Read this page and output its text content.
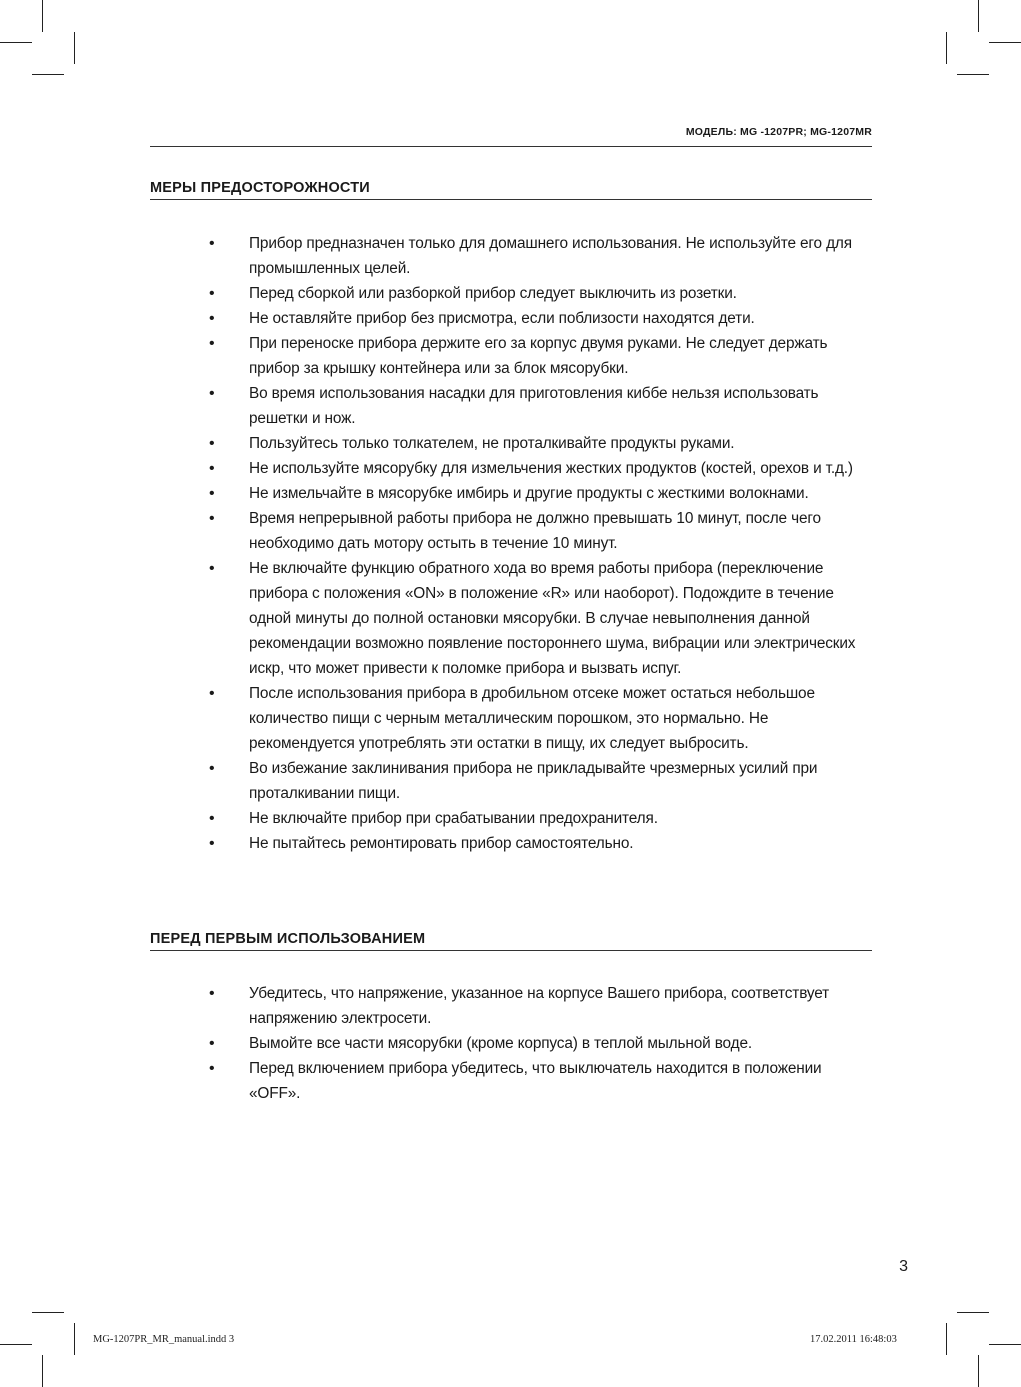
МОДЕЛЬ: MG -1207PR; MG-1207MR
МЕРЫ ПРЕДОСТОРОЖНОСТИ
• Прибор предназначен только для домашнего использования. Не используйте его для промышленных целей.
• Перед сборкой или разборкой прибор следует выключить из розетки.
• Не оставляйте прибор без присмотра, если поблизости находятся дети.
• При переноске прибора держите его за корпус двумя руками. Не следует держать прибор за крышку контейнера или за блок мясорубки.
• Во время использования насадки для приготовления киббе нельзя использовать решетки и нож.
• Пользуйтесь только толкателем, не проталкивайте продукты руками.
• Не используйте мясорубку для измельчения жестких продуктов (костей, орехов и т.д.)
• Не измельчайте в мясорубке имбирь и другие продукты с жесткими волокнами.
• Время непрерывной работы прибора не должно превышать 10 минут, после чего необходимо дать мотору остыть в течение 10 минут.
• Не включайте функцию обратного хода во время работы прибора (переключение прибора с положения «ON» в положение «R» или наоборот). Подождите в течение одной минуты до полной остановки мясорубки. В случае невыполнения данной рекомендации возможно появление постороннего шума, вибрации или электрических искр, что может привести к поломке прибора и вызвать испуг.
• После использования прибора в дробильном отсеке может остаться небольшое количество пищи с черным металлическим порошком, это нормально. Не рекомендуется употреблять эти остатки в пищу, их следует выбросить.
• Во избежание заклинивания прибора не прикладывайте чрезмерных усилий при проталкивании пищи.
• Не включайте прибор при срабатывании предохранителя.
• Не пытайтесь ремонтировать прибор самостоятельно.
ПЕРЕД ПЕРВЫМ ИСПОЛЬЗОВАНИЕМ
• Убедитесь, что напряжение, указанное на корпусе Вашего прибора, соответствует напряжению электросети.
• Вымойте все части мясорубки (кроме корпуса) в теплой мыльной воде.
• Перед включением прибора убедитесь, что выключатель находится в положении «OFF».
3
MG-1207PR_MR_manual.indd 3	17.02.2011 16:48:03
